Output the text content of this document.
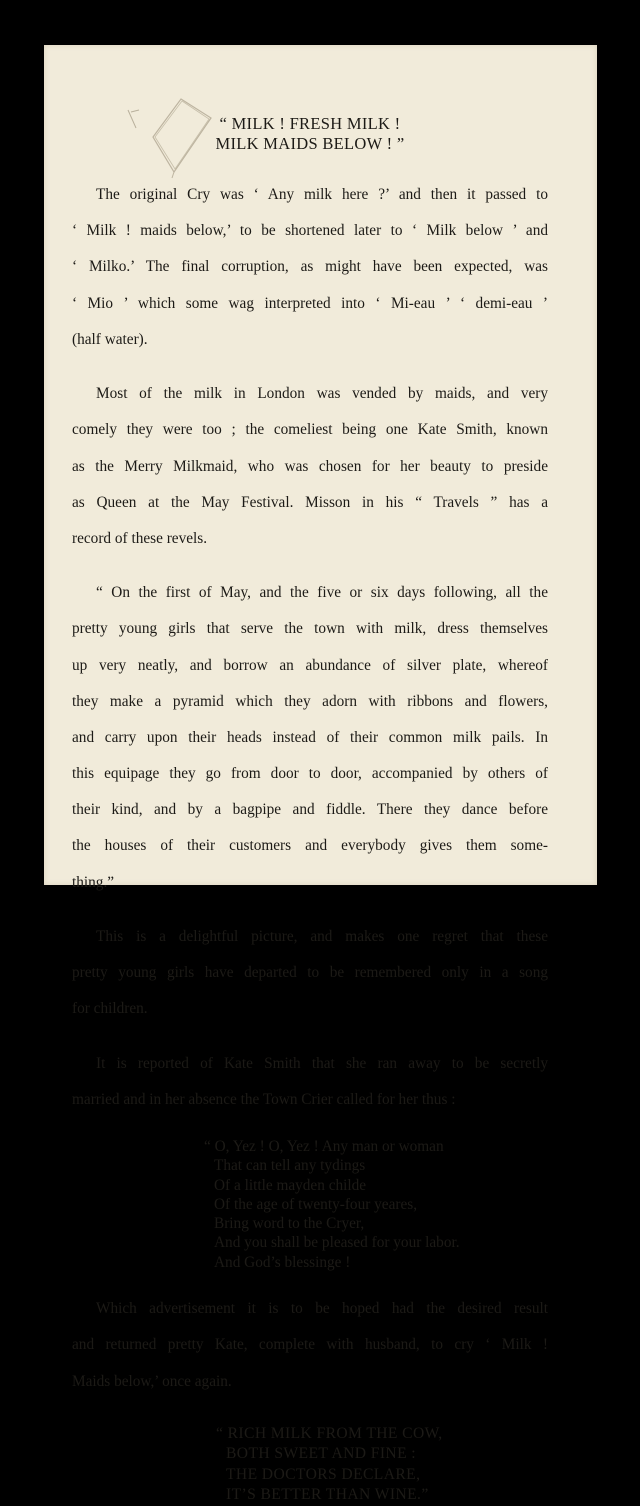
“ MILK ! FRESH MILK !
MILK MAIDS BELOW ! ”

The original Cry was ‘ Any milk here ?’ and then it passed to

‘ Milk ! maids below,’ to be shortened later to ‘ Milk below ’ and

‘ Milko.’ The final corruption, as might have been expected, was

‘ Mio ’ which some wag interpreted into ‘ Mi-eau ’ ‘ demi-eau ’

(half water).

Most of the milk in London was vended by maids, and very

comely they were too ; the comeliest being one Kate Smith, known

as the Merry Milkmaid, who was chosen for her beauty to preside

as Queen at the May Festival. Misson in his “ Travels ” has a

record of these revels.

“ On the first of May, and the five or six days following, all the

pretty young girls that serve the town with milk, dress themselves

up very neatly, and borrow an abundance of silver plate, whereof

they make a pyramid which they adorn with ribbons and flowers,

and carry upon their heads instead of their common milk pails. In

this equipage they go from door to door, accompanied by others of

their kind, and by a bagpipe and fiddle. There they dance before

the houses of their customers and everybody gives them some-

thing.”

This is a delightful picture, and makes one regret that these

pretty young girls have departed to be remembered only in a song

for children.

It is reported of Kate Smith that she ran away to be secretly

married and in her absence the Town Crier called for her thus :

“ O, Yez ! O, Yez ! Any man or woman
That can tell any tydings
Of a little mayden childe
Of the age of twenty-four yeares,
Bring word to the Cryer,
And you shall be pleased for your labor.
And God’s blessinge !

Which advertisement it is to be hoped had the desired result

and returned pretty Kate, complete with husband, to cry ‘ Milk !

Maids below,’ once again.

“ RICH MILK FROM THE COW,
BOTH SWEET AND FINE :
THE DOCTORS DECLARE,
IT’S BETTER THAN WINE.”
